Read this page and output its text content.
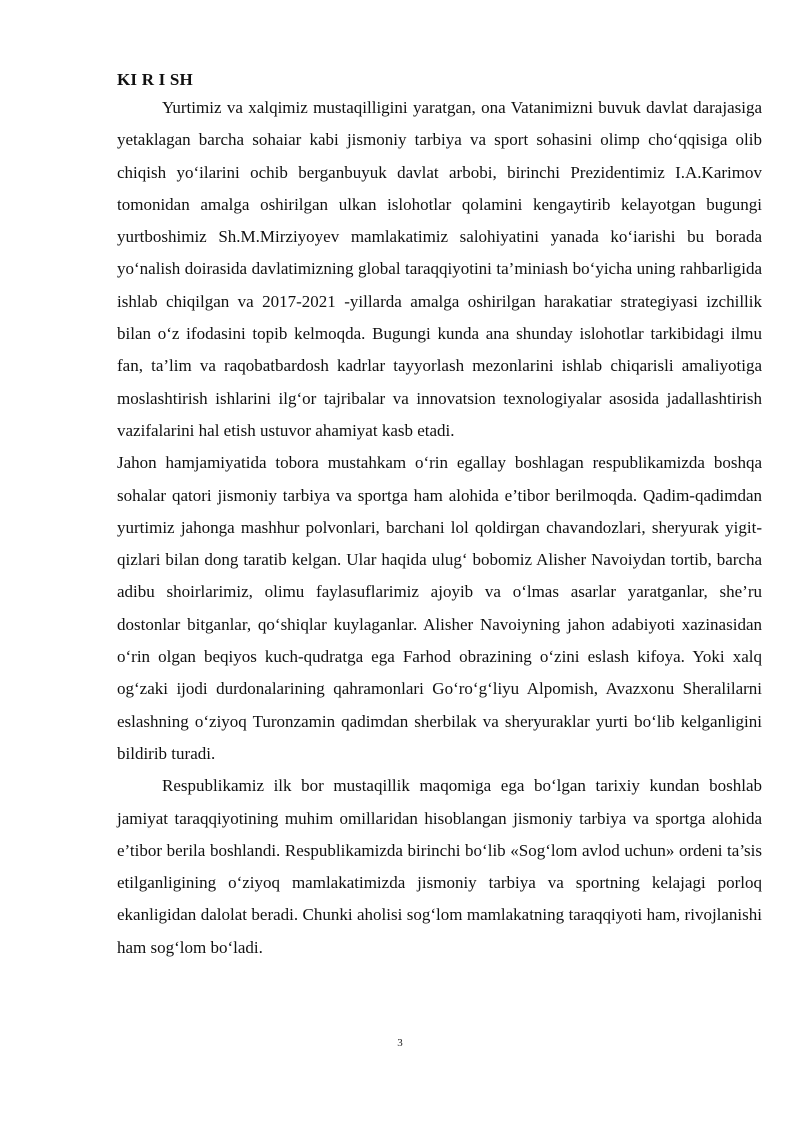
KI R I SH

Yurtimiz va xalqimiz mustaqilligini yaratgan, ona Vatanimizni buvuk davlat darajasiga yetaklagan barcha sohaiar kabi jismoniy tarbiya va sport sohasini olimp cho‘qqisiga olib chiqish yo‘ilarini ochib berganbuyuk davlat arbobi, birinchi Prezidentimiz I.A.Karimov tomonidan amalga oshirilgan ulkan islohotlar qolamini kengaytirib kelayotgan bugungi yurtboshimiz Sh.M.Mirziyoyev mamlakatimiz salohiyatini yanada ko‘iarishi bu borada yo‘nalish doirasida davlatimizning global taraqqiyotini ta’miniash bo‘yicha uning rahbarligida ishlab chiqilgan va 2017-2021 -yillarda amalga oshirilgan harakatiar strategiyasi izchillik bilan o‘z ifodasini topib kelmoqda. Bugungi kunda ana shunday islohotlar tarkibidagi ilmu fan, ta’lim va raqobatbardosh kadrlar tayyorlash mezonlarini ishlab chiqarisli amaliyotiga moslashtirish ishlarini ilg‘or tajribalar va innovatsion texnologiyalar asosida jadallashtirish vazifalarini hal etish ustuvor ahamiyat kasb etadi.

Jahon hamjamiyatida tobora mustahkam o‘rin egallay boshlagan respublikamizda boshqa sohalar qatori jismoniy tarbiya va sportga ham alohida e’tibor berilmoqda. Qadim-qadimdan yurtimiz jahonga mashhur polvonlari, barchani lol qoldirgan chavandozlari, sheryurak yigit-qizlari bilan dong taratib kelgan. Ular haqida ulug‘ bobomiz Alisher Navoiydan tortib, barcha adibu shoirlarimiz, olimu faylasuflarimiz ajoyib va o‘lmas asarlar yaratganlar, she’ru dostonlar bitganlar, qo‘shiqlar kuylaganlar. Alisher Navoiyning jahon adabiyoti xazinasidan o‘rin olgan beqiyos kuch-qudratga ega Farhod obrazining o‘zini eslash kifoya. Yoki xalq og‘zaki ijodi durdonalarining qahramonlari Go‘ro‘g‘liyu Alpomish, Avazxonu Sheralilarni eslashning o‘ziyoq Turonzamin qadimdan sherbilak va sheryuraklar yurti bo‘lib kelganligini bildirib turadi.

Respublikamiz ilk bor mustaqillik maqomiga ega bo‘lgan tarixiy kundan boshlab jamiyat taraqqiyotining muhim omillaridan hisoblangan jismoniy tarbiya va sportga alohida e’tibor berila boshlandi. Respublikamizda birinchi bo‘lib «Sog‘lom avlod uchun» ordeni ta’sis etilganligining o‘ziyoq mamlakatimizda jismoniy tarbiya va sportning kelajagi porloq ekanligidan dalolat beradi. Chunki aholisi sog‘lom mamlakatning taraqqiyoti ham, rivojlanishi ham sog‘lom bo‘ladi.

3
